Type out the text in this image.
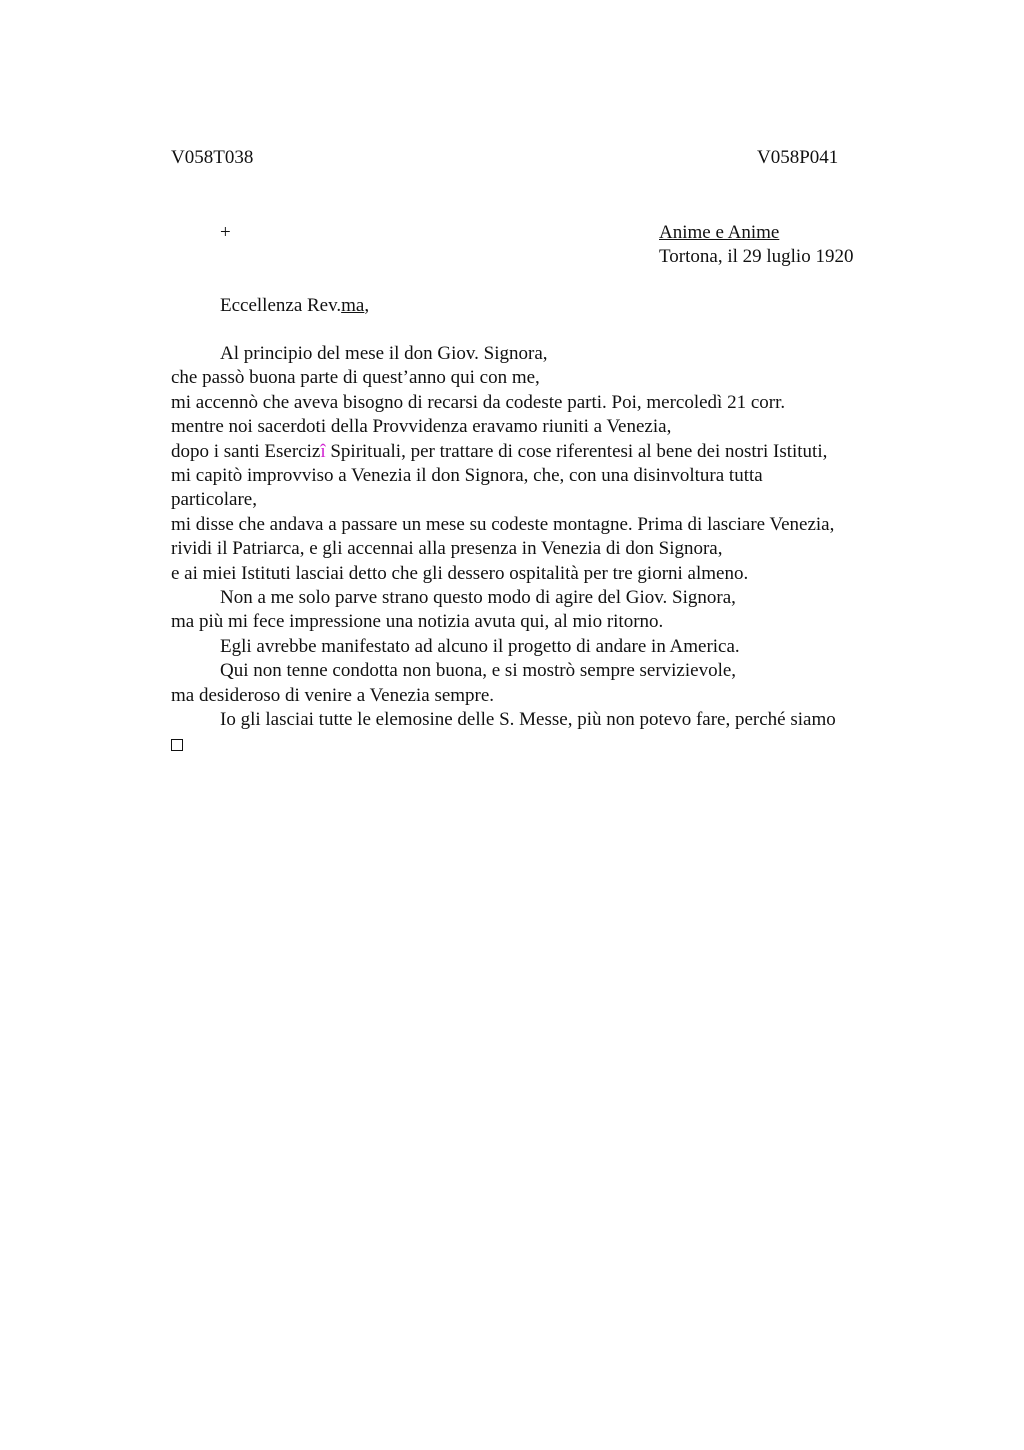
V058T038	V058P041
+	Anime e Anime
Tortona, il 29 luglio 1920
Eccellenza Rev.ma,
Al principio del mese il don Giov. Signora,
che passò buona parte di quest’anno qui con me,
mi accennò che aveva bisogno di recarsi da codeste parti. Poi, mercoledì 21 corr.
mentre noi sacerdoti della Provvidenza eravamo riuniti a Venezia,
dopo i santi Esercizî Spirituali, per trattare di cose riferentesi al bene dei nostri Istituti,
mi capitò improvviso a Venezia il don Signora, che, con una disinvoltura tutta
particolare,
mi disse che andava a passare un mese su codeste montagne. Prima di lasciare Venezia,
rividi il Patriarca, e gli accennai alla presenza in Venezia di don Signora,
e ai miei Istituti lasciai detto che gli dessero ospitalità per tre giorni almeno.
Non a me solo parve strano questo modo di agire del Giov. Signora,
ma più mi fece impressione una notizia avuta qui, al mio ritorno.
Egli avrebbe manifestato ad alcuno il progetto di andare in America.
Qui non tenne condotta non buona, e si mostrò sempre servizievole,
ma desideroso di venire a Venezia sempre.
Io gli lasciai tutte le elemosine delle S. Messe, più non potevo fare, perché siamo
